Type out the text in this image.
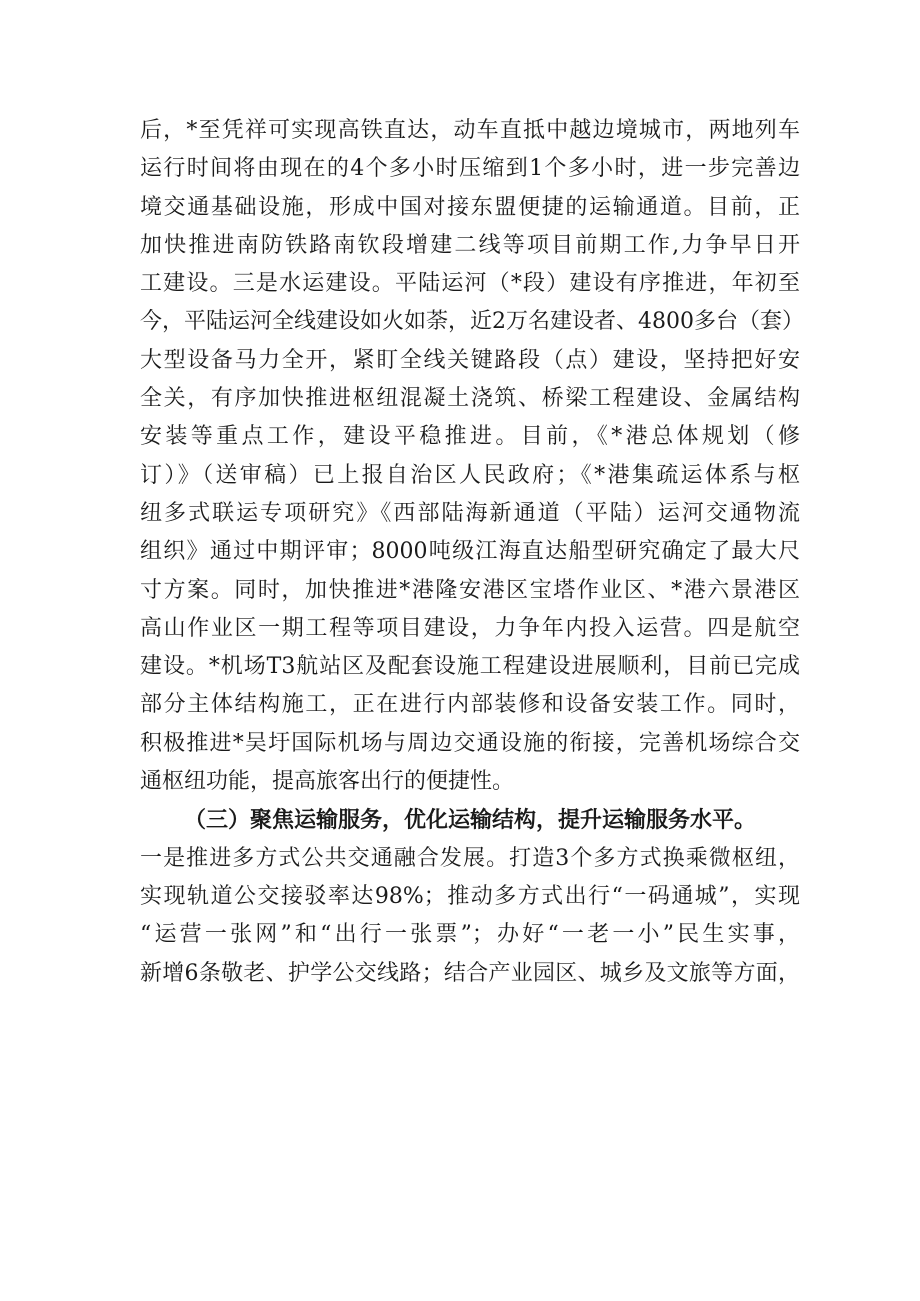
后，*至凭祥可实现高铁直达，动车直抵中越边境城市，两地列车
运行时间将由现在的4个多小时压缩到1个多小时，进一步完善边
境交通基础设施，形成中国对接东盟便捷的运输通道。目前，正
加快推进南防铁路南钦段增建二线等项目前期工作,力争早日开
工建设。三是水运建设。平陆运河（*段）建设有序推进，年初至
今，平陆运河全线建设如火如荼，近2万名建设者、4800多台（套）
大型设备马力全开，紧盯全线关键路段（点）建设，坚持把好安
全关，有序加快推进枢纽混凝土浇筑、桥梁工程建设、金属结构
安装等重点工作，建设平稳推进。目前，《*港总体规划（修
订）》（送审稿）已上报自治区人民政府；《*港集疏运体系与枢
纽多式联运专项研究》《西部陆海新通道（平陆）运河交通物流
组织》通过中期评审；8000吨级江海直达船型研究确定了最大尺
寸方案。同时，加快推进*港隆安港区宝塔作业区、*港六景港区
高山作业区一期工程等项目建设，力争年内投入运营。四是航空
建设。*机场T3航站区及配套设施工程建设进展顺利，目前已完成
部分主体结构施工，正在进行内部装修和设备安装工作。同时，
积极推进*吴圩国际机场与周边交通设施的衔接，完善机场综合交
通枢纽功能，提高旅客出行的便捷性。
（三）聚焦运输服务，优化运输结构，提升运输服务水平。
一是推进多方式公共交通融合发展。打造3个多方式换乘微枢纽，
实现轨道公交接驳率达98%；推动多方式出行“一码通城”，实现
“运营一张网”和“出行一张票”；办好“一老一小”民生实事，
新增6条敬老、护学公交线路；结合产业园区、城乡及文旅等方面，
